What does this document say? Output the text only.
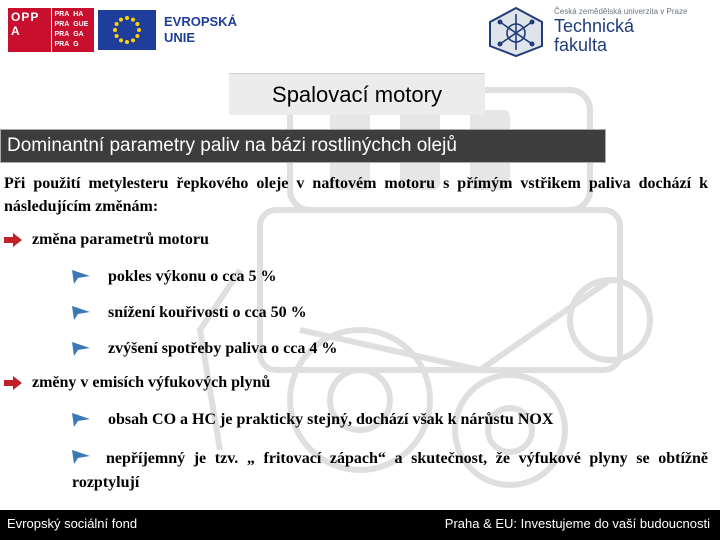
OPP A
PRA HA
PRA GUE
PRA GA
PRA G
EVROPSKÁ
UNIE
Česká zemědělská univerzita v Praze
Technická
fakulta
Spalovací motory
Dominantní parametry paliv na bázi rostlinýchch olejů
Při použití metylesteru řepkového oleje v naftovém motoru s přímým vstřikem paliva dochází k následujícím změnám:
změna parametrů motoru
pokles výkonu o cca 5 %
snížení kouřivosti o cca 50 %
zvýšení spotřeby paliva o cca 4 %
změny v emisích výfukových plynů
obsah CO a HC je prakticky stejný, dochází však k nárůstu NOX
nepříjemný je tzv. „ fritovací zápach“ a skutečnost, že výfukové plyny se obtížně rozptylují
Evropský sociální fond	Praha & EU: Investujeme do vaší budoucnosti
